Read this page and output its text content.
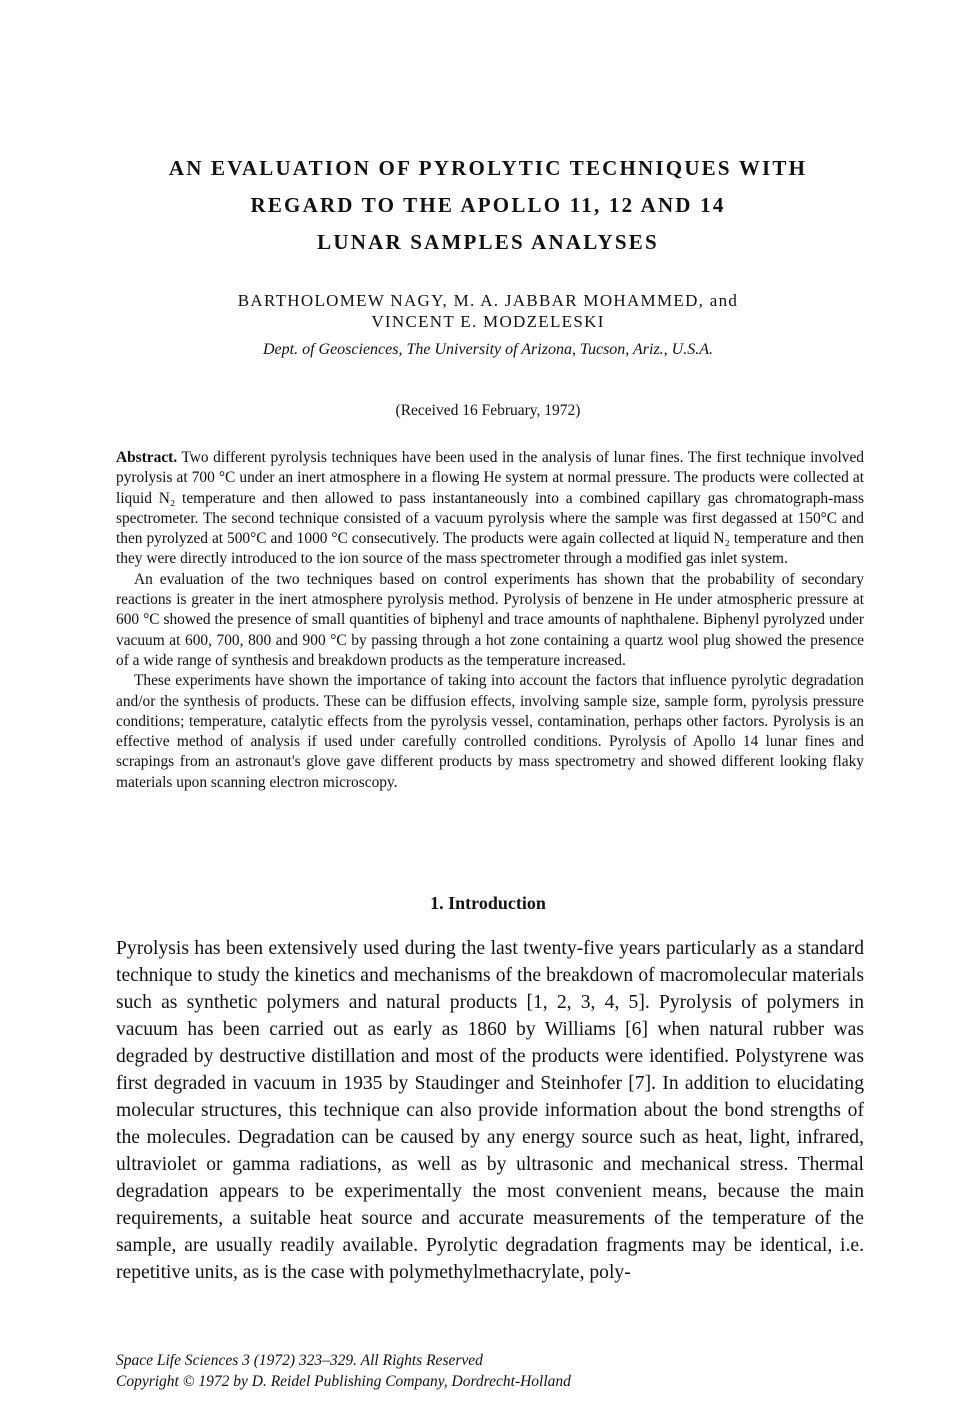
AN EVALUATION OF PYROLYTIC TECHNIQUES WITH
REGARD TO THE APOLLO 11, 12 AND 14
LUNAR SAMPLES ANALYSES
BARTHOLOMEW NAGY, M. A. JABBAR MOHAMMED, and
VINCENT E. MODZELESKI
Dept. of Geosciences, The University of Arizona, Tucson, Ariz., U.S.A.
(Received 16 February, 1972)

Abstract. Two different pyrolysis techniques have been used in the analysis of lunar fines. The first technique involved pyrolysis at 700 °C under an inert atmosphere in a flowing He system at normal pressure. The products were collected at liquid N₂ temperature and then allowed to pass instantaneously into a combined capillary gas chromatograph-mass spectrometer. The second technique consisted of a vacuum pyrolysis where the sample was first degassed at 150°C and then pyrolyzed at 500°C and 1000 °C consecutively. The products were again collected at liquid N₂ temperature and then they were directly introduced to the ion source of the mass spectrometer through a modified gas inlet system.

An evaluation of the two techniques based on control experiments has shown that the probability of secondary reactions is greater in the inert atmosphere pyrolysis method. Pyrolysis of benzene in He under atmospheric pressure at 600 °C showed the presence of small quantities of biphenyl and trace amounts of naphthalene. Biphenyl pyrolyzed under vacuum at 600, 700, 800 and 900 °C by passing through a hot zone containing a quartz wool plug showed the presence of a wide range of synthesis and breakdown products as the temperature increased.

These experiments have shown the importance of taking into account the factors that influence pyrolytic degradation and/or the synthesis of products. These can be diffusion effects, involving sample size, sample form, pyrolysis pressure conditions; temperature, catalytic effects from the pyrolysis vessel, contamination, perhaps other factors. Pyrolysis is an effective method of analysis if used under carefully controlled conditions. Pyrolysis of Apollo 14 lunar fines and scrapings from an astronaut's glove gave different products by mass spectrometry and showed different looking flaky materials upon scanning electron microscopy.

1. Introduction

Pyrolysis has been extensively used during the last twenty-five years particularly as a standard technique to study the kinetics and mechanisms of the breakdown of macromolecular materials such as synthetic polymers and natural products [1, 2, 3, 4, 5]. Pyrolysis of polymers in vacuum has been carried out as early as 1860 by Williams [6] when natural rubber was degraded by destructive distillation and most of the products were identified. Polystyrene was first degraded in vacuum in 1935 by Staudinger and Steinhofer [7]. In addition to elucidating molecular structures, this technique can also provide information about the bond strengths of the molecules. Degradation can be caused by any energy source such as heat, light, infrared, ultraviolet or gamma radiations, as well as by ultrasonic and mechanical stress. Thermal degradation appears to be experimentally the most convenient means, because the main requirements, a suitable heat source and accurate measurements of the temperature of the sample, are usually readily available. Pyrolytic degradation fragments may be identical, i.e. repetitive units, as is the case with polymethylmethacrylate, poly-

Space Life Sciences 3 (1972) 323–329. All Rights Reserved
Copyright © 1972 by D. Reidel Publishing Company, Dordrecht-Holland
